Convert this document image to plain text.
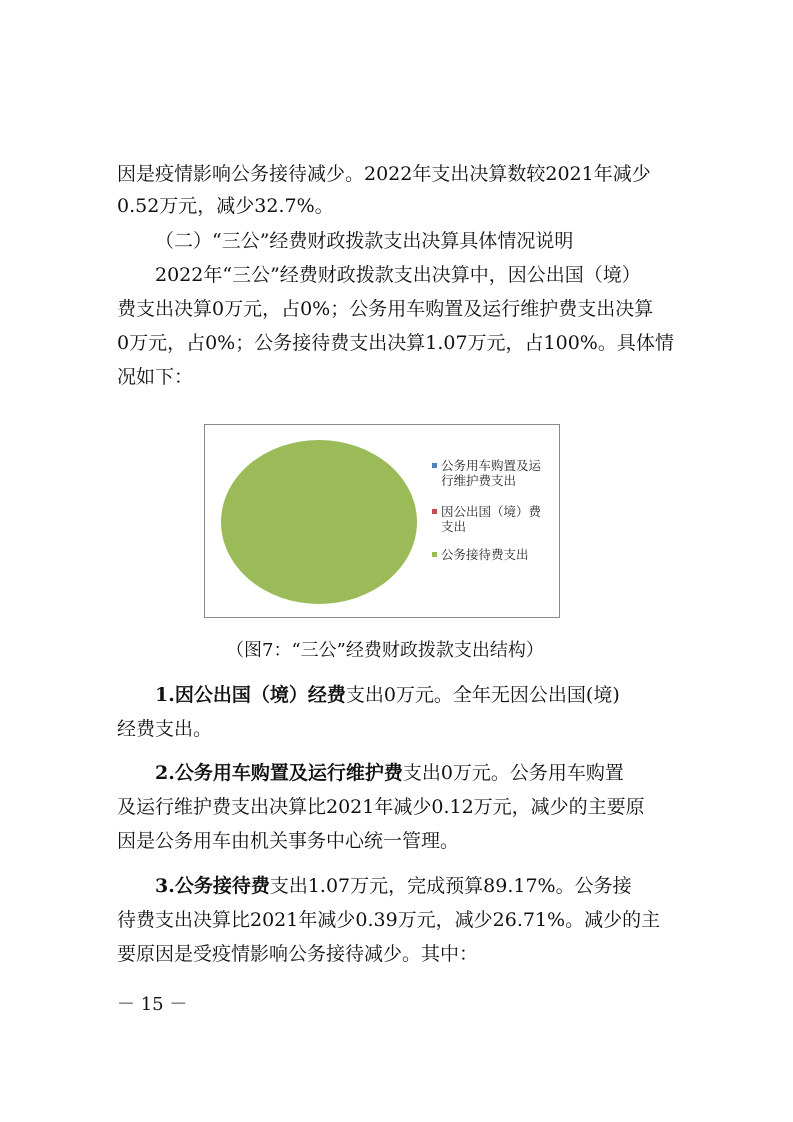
因是疫情影响公务接待减少。2022年支出决算数较2021年减少
0.52万元，减少32.7%。
（二）“三公”经费财政拨款支出决算具体情况说明
2022年“三公”经费财政拨款支出决算中，因公出国（境）
费支出决算0万元，占0%；公务用车购置及运行维护费支出决算
0万元，占0%；公务接待费支出决算1.07万元，占100%。具体情
况如下：
公务用车购置及运行维护费支出
因公出国（境）费支出
公务接待费支出
（图7：“三公”经费财政拨款支出结构）
1.因公出国（境）经费支出0万元。全年无因公出国(境)
经费支出。
2.公务用车购置及运行维护费支出0万元。公务用车购置
及运行维护费支出决算比2021年减少0.12万元，减少的主要原
因是公务用车由机关事务中心统一管理。
3.公务接待费支出1.07万元，完成预算89.17%。公务接
待费支出决算比2021年减少0.39万元，减少26.71%。减少的主
要原因是受疫情影响公务接待减少。其中：
－ 15 －
